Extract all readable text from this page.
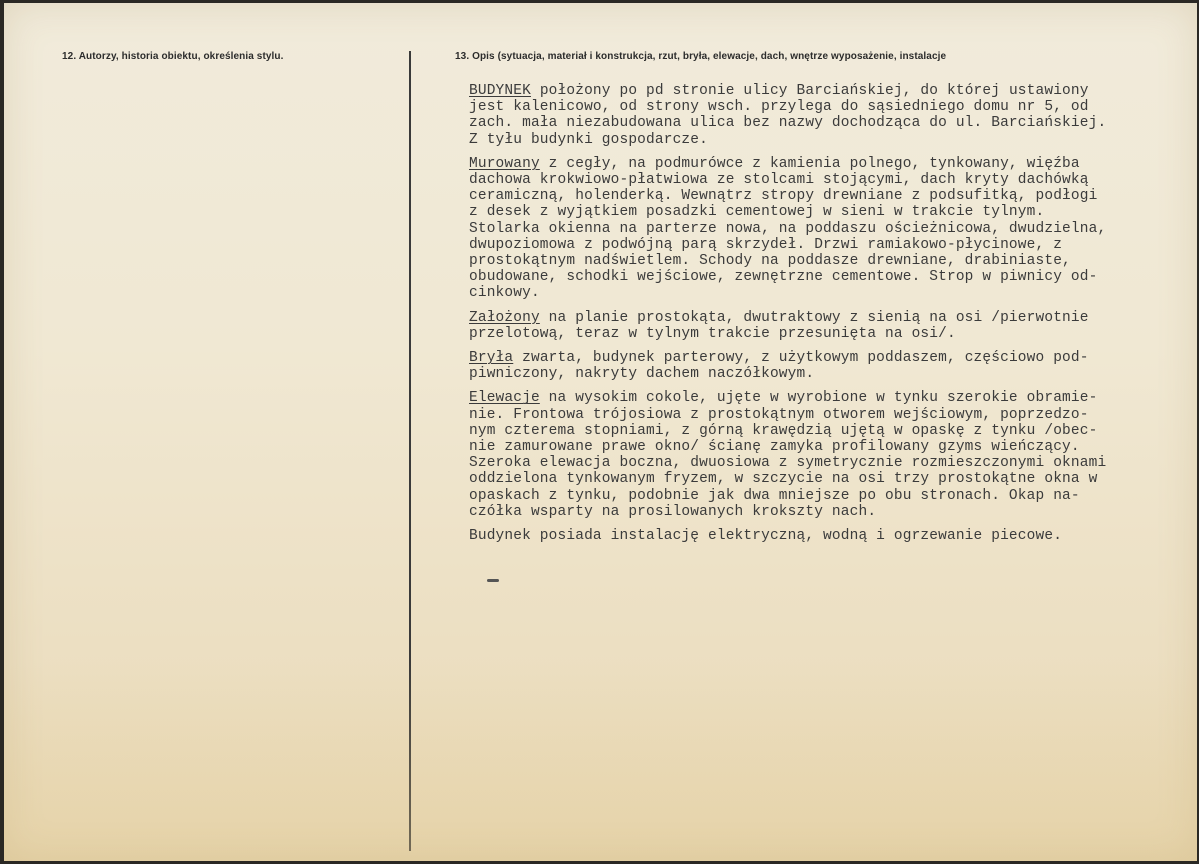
12. Autorzy, historia obiektu, określenia stylu.	13. Opis (sytuacja, materiał i konstrukcja, rzut, bryła, elewacje, dach, wnętrze wyposażenie, instalacje
BUDYNEK położony po pd stronie ulicy Barciańskiej, do której ustawiony
jest kalenicowo, od strony wsch. przylega do sąsiedniego domu nr 5, od
zach. mała niezabudowana ulica bez nazwy dochodząca do ul. Barciańskiej.
Z tyłu budynki gospodarcze.
Murowany z cegły, na podmurówce z kamienia polnego, tynkowany, więźba
dachowa krokwiowo-płatwiowa ze stolcami stojącymi, dach kryty dachówką
ceramiczną, holenderką. Wewnątrz stropy drewniane z podsufitką, podłogi
z desek z wyjątkiem posadzki cementowej w sieni w trakcie tylnym.
Stolarka okienna na parterze nowa, na poddaszu ościeżnicowa, dwudzielna,
dwupoziomowa z podwójną parą skrzydeł. Drzwi ramiakowo-płycinowe, z
prostokątnym nadświetlem. Schody na poddasze drewniane, drabiniaste,
obudowane, schodki wejściowe, zewnętrzne cementowe. Strop w piwnicy od-
cinkowy.
Założony na planie prostokąta, dwutraktowy z sienią na osi /pierwotnie
przelotową, teraz w tylnym trakcie przesunięta na osi/.
Bryła zwarta, budynek parterowy, z użytkowym poddaszem, częściowo pod-
piwniczony, nakryty dachem naczółkowym.
Elewacje na wysokim cokole, ujęte w wyrobione w tynku szerokie obramie-
nie. Frontowa trójosiowa z prostokątnym otworem wejściowym, poprzedzo-
nym czterema stopniami, z górną krawędzią ujętą w opaskę z tynku /obec-
nie zamurowane prawe okno/ ścianę zamyka profilowany gzyms wieńczący.
Szeroka elewacja boczna, dwuosiowa z symetrycznie rozmieszczonymi oknami
oddzielona tynkowanym fryzem, w szczycie na osi trzy prostokątne okna w
opaskach z tynku, podobnie jak dwa mniejsze po obu stronach. Okap na-
czółka wsparty na prosilowanych krokszty nach.
Budynek posiada instalację elektryczną, wodną i ogrzewanie piecowe.
